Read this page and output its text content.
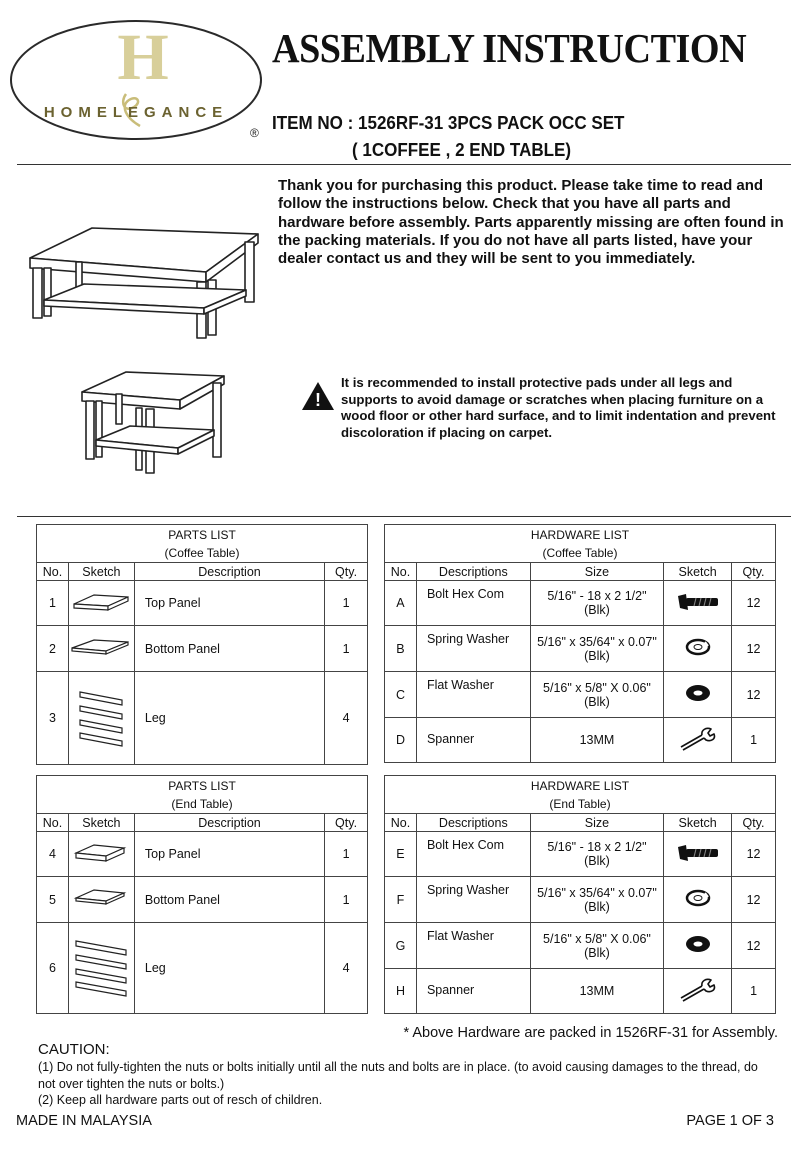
H
HOMELEGANCE
®
ASSEMBLY INSTRUCTION
ITEM NO : 1526RF-31 3PCS PACK OCC SET
( 1COFFEE , 2 END TABLE)
Thank you for purchasing this product. Please take time to read and follow the instructions below. Check that you have all parts and hardware before assembly. Parts apparently missing are often found in the packing materials. If you do not have all parts listed, have your dealer contact us and they will be sent to you immediately.
!
It is recommended to install protective pads under all legs and supports to avoid damage or scratches when placing furniture on a wood floor or other hard surface, and to limit indentation and prevent discoloration if placing on carpet.
PARTS LIST
(Coffee Table)			

No.	Sketch	Description	Qty.
1		Top Panel	1
2		Bottom Panel	1
3		Leg	4
HARDWARE LIST
(Coffee Table)				

No.	Descriptions	Size	Sketch	Qty.
A	Bolt Hex Com	5/16" - 18 x 2 1/2"
(Blk)		12
B	Spring Washer	5/16" x 35/64" x 0.07"
(Blk)		12
C	Flat Washer	5/16" x 5/8" X 0.06"
(Blk)		12
D	Spanner	13MM		1
PARTS LIST
(End Table)			

No.	Sketch	Description	Qty.
4		Top Panel	1
5		Bottom Panel	1
6		Leg	4
HARDWARE LIST
(End Table)				

No.	Descriptions	Size	Sketch	Qty.
E	Bolt Hex Com	5/16" - 18 x 2 1/2"
(Blk)		12
F	Spring Washer	5/16" x 35/64" x 0.07"
(Blk)		12
G	Flat Washer	5/16" x 5/8" X 0.06"
(Blk)		12
H	Spanner	13MM		1
* Above Hardware are packed in 1526RF-31 for Assembly.
CAUTION:
(1) Do not fully-tighten the nuts or bolts initially until all the nuts and bolts are in place. (to avoid causing damages to the thread, do not over tighten the nuts or bolts.)
(2) Keep all hardware parts out of resch of children.
MADE IN MALAYSIA	PAGE 1 OF 3
